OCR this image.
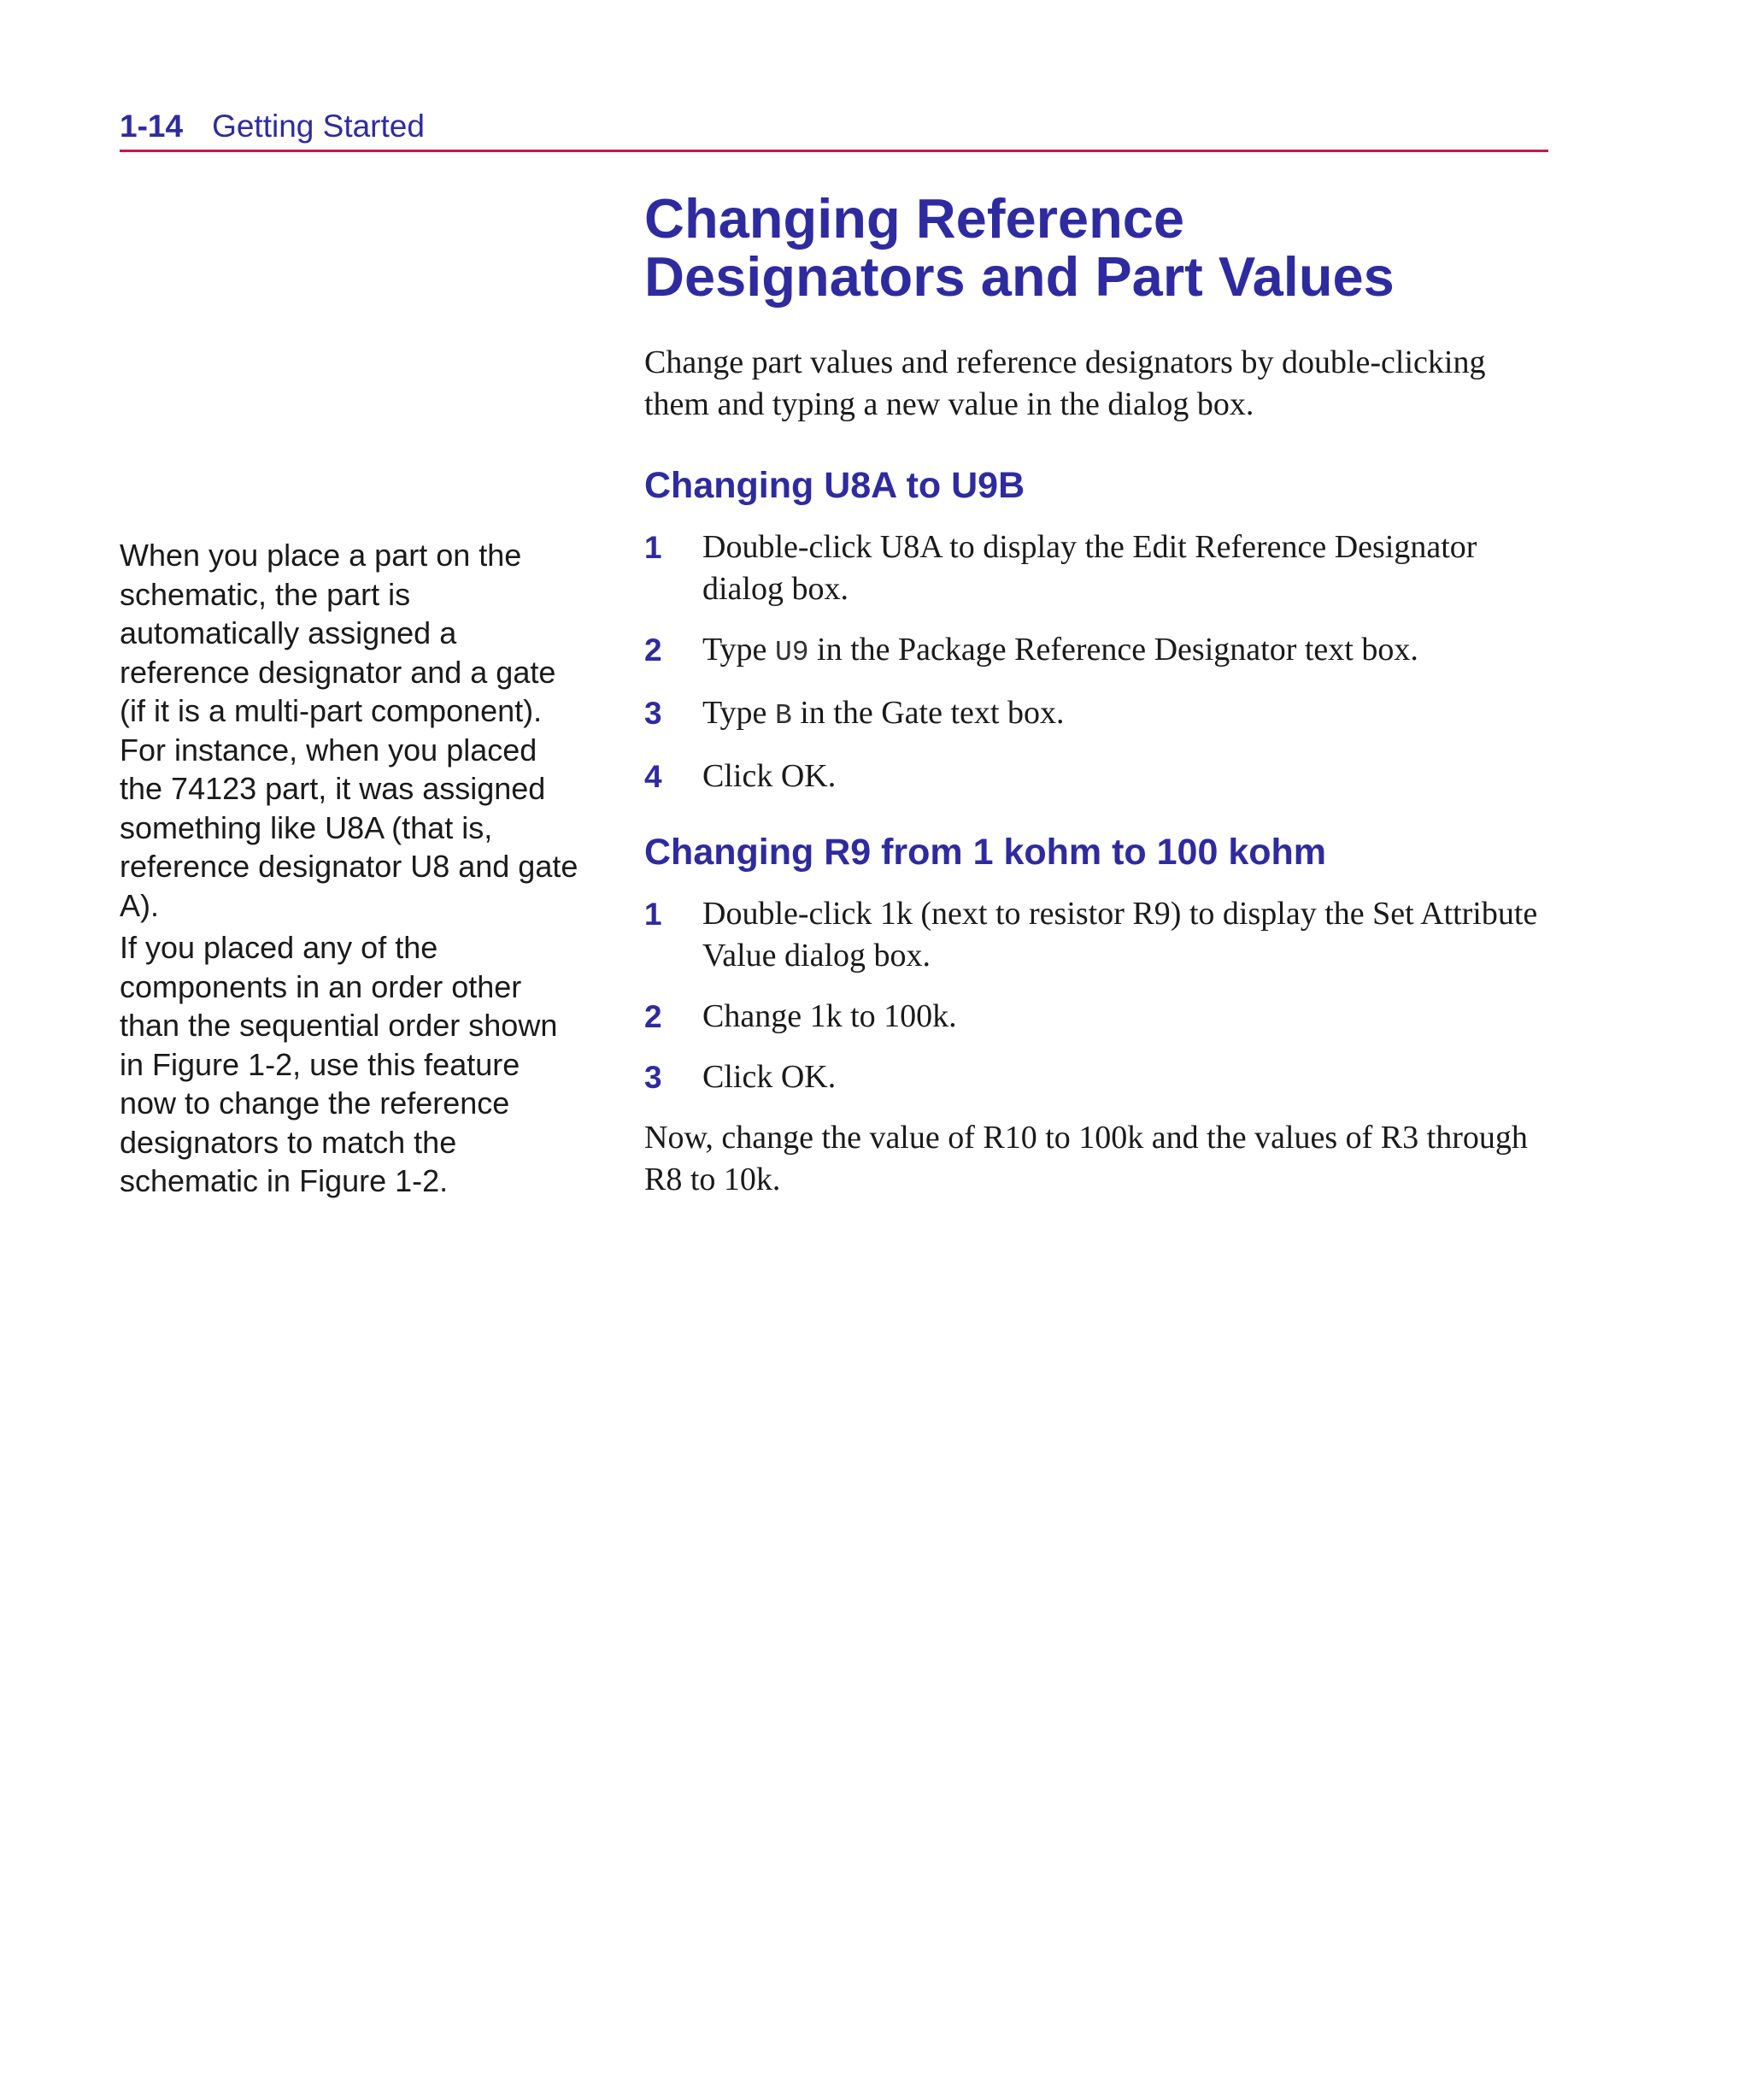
1-14 Getting Started

When you place a part on the schematic, the part is automatically assigned a reference designator and a gate (if it is a multi-part component). For instance, when you placed the 74123 part, it was assigned something like U8A (that is, reference designator U8 and gate A).

If you placed any of the components in an order other than the sequential order shown in Figure 1-2, use this feature now to change the reference designators to match the schematic in Figure 1-2.

Changing Reference
Designators and Part Values

Change part values and reference designators by double-clicking them and typing a new value in the dialog box.

Changing U8A to U9B
1	Double-click U8A to display the Edit Reference Designator dialog box.
2	Type U9 in the Package Reference Designator text box.
3	Type B in the Gate text box.
4	Click OK.
Changing R9 from 1 kohm to 100 kohm
1	Double-click 1k (next to resistor R9) to display the Set Attribute Value dialog box.
2	Change 1k to 100k.
3	Click OK.

Now, change the value of R10 to 100k and the values of R3 through R8 to 10k.
